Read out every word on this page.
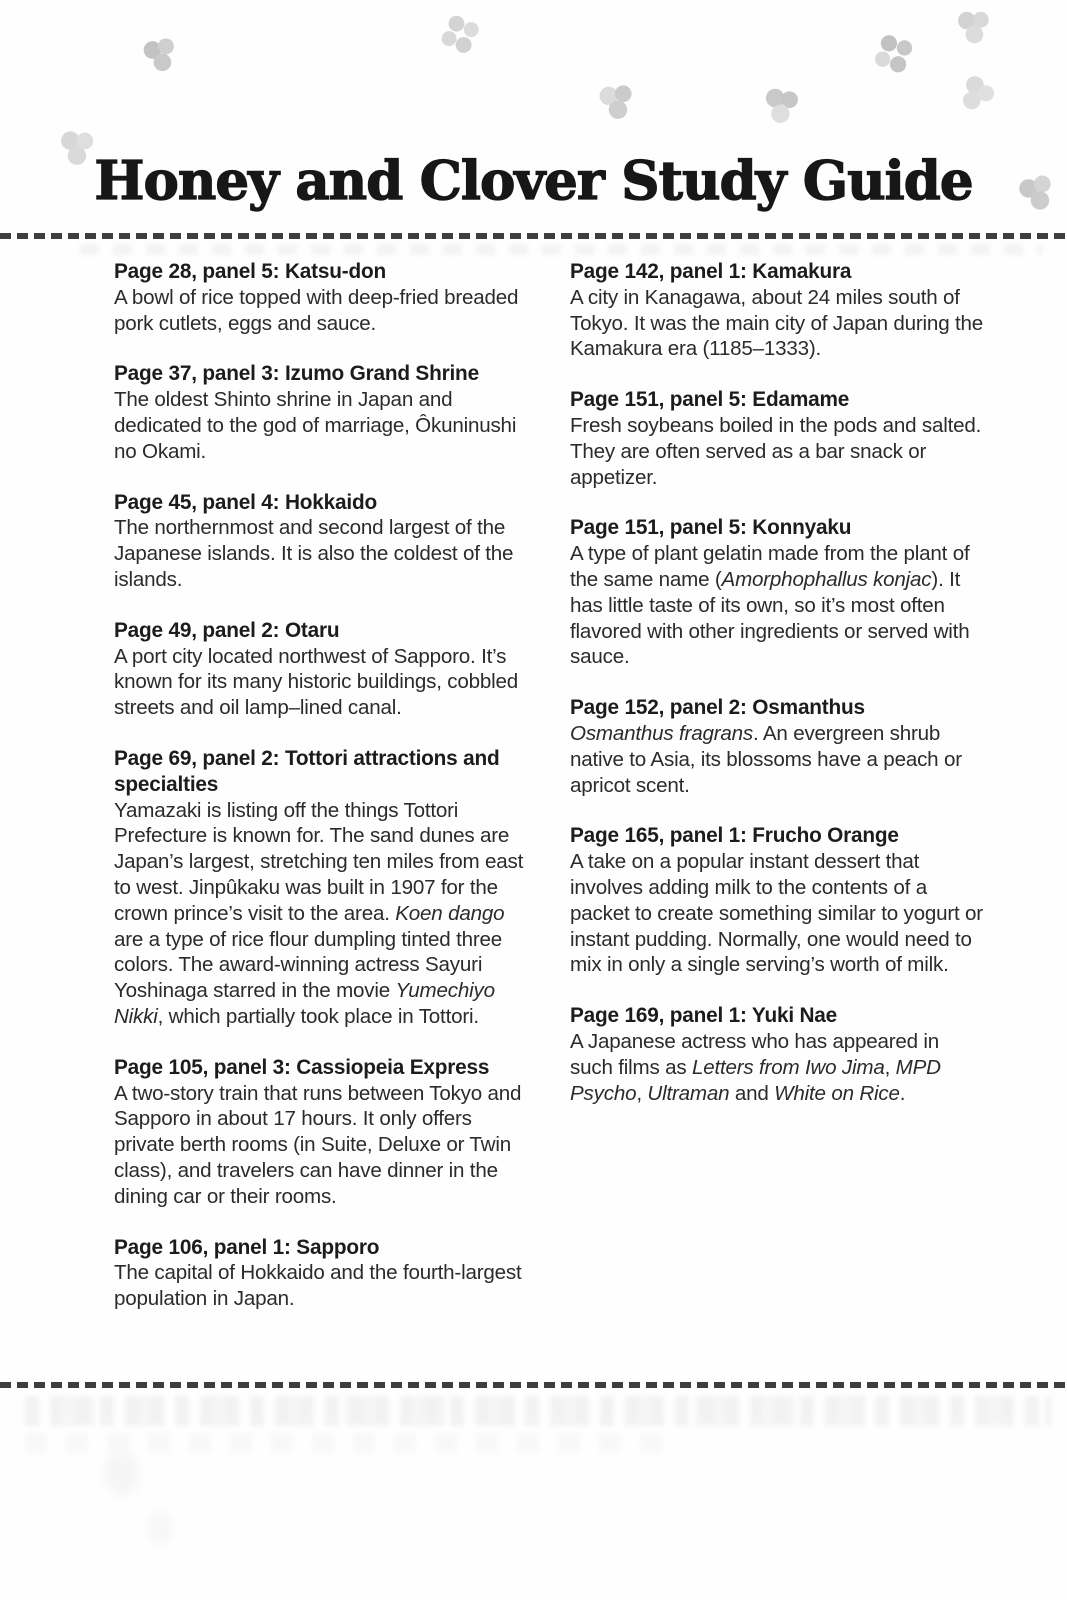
Honey and Clover Study Guide
Page 28, panel 5: Katsu-don

A bowl of rice topped with deep-fried breaded pork cutlets, eggs and sauce.

Page 37, panel 3: Izumo Grand Shrine

The oldest Shinto shrine in Japan and dedicated to the god of marriage, Ôkuninushi no Okami.

Page 45, panel 4: Hokkaido

The northernmost and second largest of the Japanese islands. It is also the coldest of the islands.

Page 49, panel 2: Otaru

A port city located northwest of Sapporo. It’s known for its many historic buildings, cobbled streets and oil lamp–lined canal.

Page 69, panel 2: Tottori attractions and specialties

Yamazaki is listing off the things Tottori Prefecture is known for. The sand dunes are Japan’s largest, stretching ten miles from east to west. Jinpûkaku was built in 1907 for the crown prince’s visit to the area. Koen dango are a type of rice flour dumpling tinted three colors. The award-winning actress Sayuri Yoshinaga starred in the movie Yumechiyo Nikki, which partially took place in Tottori.

Page 105, panel 3: Cassiopeia Express

A two-story train that runs between Tokyo and Sapporo in about 17 hours. It only offers private berth rooms (in Suite, Deluxe or Twin class), and travelers can have dinner in the dining car or their rooms.

Page 106, panel 1: Sapporo

The capital of Hokkaido and the fourth-largest population in Japan.

Page 142, panel 1: Kamakura

A city in Kanagawa, about 24 miles south of Tokyo. It was the main city of Japan during the Kamakura era (1185–1333).

Page 151, panel 5: Edamame

Fresh soybeans boiled in the pods and salted. They are often served as a bar snack or appetizer.

Page 151, panel 5: Konnyaku

A type of plant gelatin made from the plant of the same name (Amorphophallus konjac). It has little taste of its own, so it’s most often flavored with other ingredients or served with sauce.

Page 152, panel 2: Osmanthus

Osmanthus fragrans. An evergreen shrub native to Asia, its blossoms have a peach or apricot scent.

Page 165, panel 1: Frucho Orange

A take on a popular instant dessert that involves adding milk to the contents of a packet to create something similar to yogurt or instant pudding. Normally, one would need to mix in only a single serving’s worth of milk.

Page 169, panel 1: Yuki Nae

A Japanese actress who has appeared in such films as Letters from Iwo Jima, MPD Psycho, Ultraman and White on Rice.
